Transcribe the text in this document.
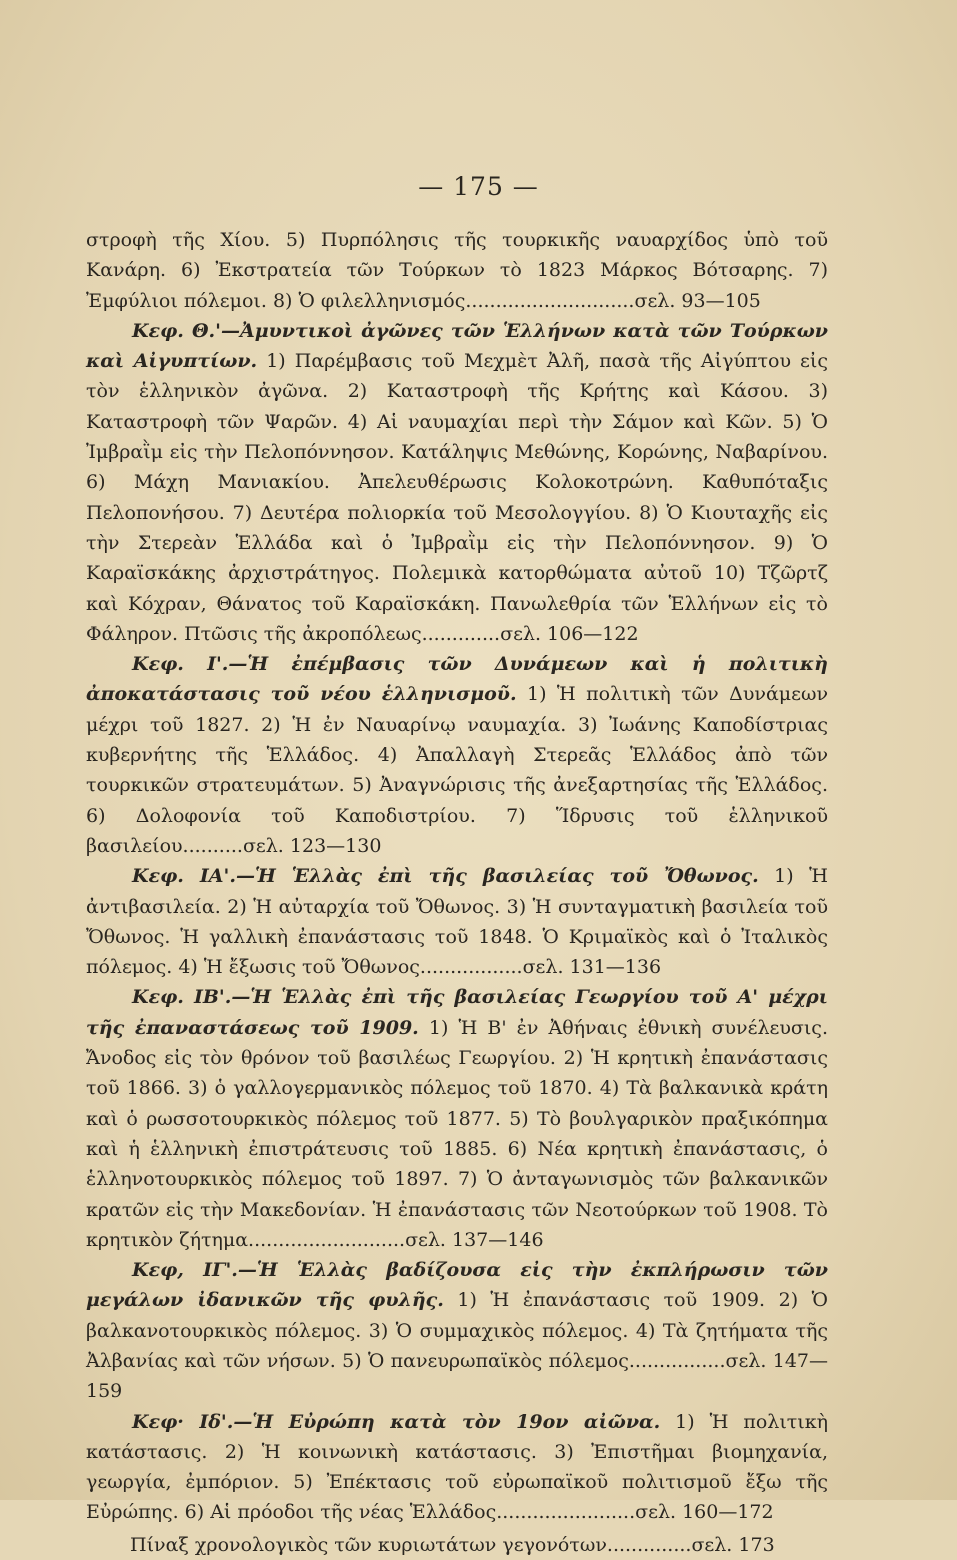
— 175 —

στροφὴ τῆς Χίου. 5) Πυρπόλησις τῆς τουρκικῆς ναυαρχίδος ὑπὸ τοῦ Κανάρη. 6) Ἐκστρατεία τῶν Τούρκων τὸ 1823 Μάρκος Βότσαρης. 7) Ἐμφύλιοι πόλεμοι. 8) Ὁ φιλελληνισμός............................σελ. 93—105

Κεφ. Θ.'—Ἀμυντικοὶ ἀγῶνες τῶν Ἑλλήνων κατὰ τῶν Τούρκων καὶ Αἰγυπτίων. 1) Παρέμβασις τοῦ Μεχμὲτ Ἀλῆ, πασὰ τῆς Αἰγύπτου εἰς τὸν ἑλληνικὸν ἀγῶνα. 2) Καταστροφὴ τῆς Κρήτης καὶ Κάσου. 3) Καταστροφὴ τῶν Ψαρῶν. 4) Αἱ ναυμαχίαι περὶ τὴν Σάμον καὶ Κῶν. 5) Ὁ Ἰμβραῒμ εἰς τὴν Πελοπόννησον. Κατάληψις Μεθώνης, Κορώνης, Ναβαρίνου. 6) Μάχη Μανιακίου. Ἀπελευθέρωσις Κολοκοτρώνη. Καθυπόταξις Πελοπονήσου. 7) Δευτέρα πολιορκία τοῦ Μεσολογγίου. 8) Ὁ Κιουταχῆς εἰς τὴν Στερεὰν Ἑλλάδα καὶ ὁ Ἰμβραῒμ εἰς τὴν Πελοπόννησον. 9) Ὁ Καραϊσκάκης ἀρχιστράτηγος. Πολεμικὰ κατορθώματα αὐτοῦ 10) Τζῶρτζ καὶ Κόχραν, Θάνατος τοῦ Καραϊσκάκη. Πανωλεθρία τῶν Ἑλλήνων εἰς τὸ Φάληρον. Πτῶσις τῆς ἀκροπόλεως.............σελ. 106—122

Κεφ. Ι'.—Ἡ ἐπέμβασις τῶν Δυνάμεων καὶ ἡ πολιτικὴ ἀποκατάστασις τοῦ νέου ἑλληνισμοῦ. 1) Ἡ πολιτικὴ τῶν Δυνάμεων μέχρι τοῦ 1827. 2) Ἡ ἐν Ναυαρίνῳ ναυμαχία. 3) Ἰωάνης Καποδίστριας κυβερνήτης τῆς Ἑλλάδος. 4) Ἀπαλλαγὴ Στερεᾶς Ἑλλάδος ἀπὸ τῶν τουρκικῶν στρατευμάτων. 5) Ἀναγνώρισις τῆς ἀνεξαρτησίας τῆς Ἑλλάδος. 6) Δολοφονία τοῦ Καποδιστρίου. 7) Ἵδρυσις τοῦ ἑλληνικοῦ βασιλείου..........σελ. 123—130

Κεφ. ΙΑ'.—Ἡ Ἑλλὰς ἐπὶ τῆς βασιλείας τοῦ Ὄθωνος. 1) Ἡ ἀντιβασιλεία. 2) Ἡ αὐταρχία τοῦ Ὄθωνος. 3) Ἡ συνταγματικὴ βασιλεία τοῦ Ὄθωνος. Ἡ γαλλικὴ ἐπανάστασις τοῦ 1848. Ὁ Κριμαϊκὸς καὶ ὁ Ἰταλικὸς πόλεμος. 4) Ἡ ἔξωσις τοῦ Ὄθωνος.................σελ. 131—136

Κεφ. ΙΒ'.—Ἡ Ἑλλὰς ἐπὶ τῆς βασιλείας Γεωργίου τοῦ Α' μέχρι τῆς ἐπαναστάσεως τοῦ 1909. 1) Ἡ Β' ἐν Ἀθήναις ἐθνικὴ συνέλευσις. Ἄνοδος εἰς τὸν θρόνον τοῦ βασιλέως Γεωργίου. 2) Ἡ κρητικὴ ἐπανάστασις τοῦ 1866. 3) ὁ γαλλογερμανικὸς πόλεμος τοῦ 1870. 4) Τὰ βαλκανικὰ κράτη καὶ ὁ ρωσσοτουρκικὸς πόλεμος τοῦ 1877. 5) Τὸ βουλγαρικὸν πραξικόπημα καὶ ἡ ἑλληνικὴ ἐπιστράτευσις τοῦ 1885. 6) Νέα κρητικὴ ἐπανάστασις, ὁ ἑλληνοτουρκικὸς πόλεμος τοῦ 1897. 7) Ὁ ἀνταγωνισμὸς τῶν βαλκανικῶν κρατῶν εἰς τὴν Μακεδονίαν. Ἡ ἐπανάστασις τῶν Νεοτούρκων τοῦ 1908. Τὸ κρητικὸν ζήτημα..........................σελ. 137—146

Κεφ, ΙΓ'.—Ἡ Ἑλλὰς βαδίζουσα εἰς τὴν ἐκπλήρωσιν τῶν μεγάλων ἰδανικῶν τῆς φυλῆς. 1) Ἡ ἐπανάστασις τοῦ 1909. 2) Ὁ βαλκανοτουρκικὸς πόλεμος. 3) Ὁ συμμαχικὸς πόλεμος. 4) Τὰ ζητήματα τῆς Ἀλβανίας καὶ τῶν νήσων. 5) Ὁ πανευρωπαϊκὸς πόλεμος................σελ. 147—159

Κεφ· Ιδ'.—Ἡ Εὐρώπη κατὰ τὸν 19ον αἰῶνα. 1) Ἡ πολιτικὴ κατάστασις. 2) Ἡ κοινωνικὴ κατάστασις. 3) Ἐπιστῆμαι βιομηχανία, γεωργία, ἐμπόριον. 5) Ἐπέκτασις τοῦ εὐρωπαϊκοῦ πολιτισμοῦ ἔξω τῆς Εὐρώπης. 6) Αἱ πρόοδοι τῆς νέας Ἑλλάδος.......................σελ. 160—172

Πίναξ χρονολογικὸς τῶν κυριωτάτων γεγονότων..............σελ. 173
